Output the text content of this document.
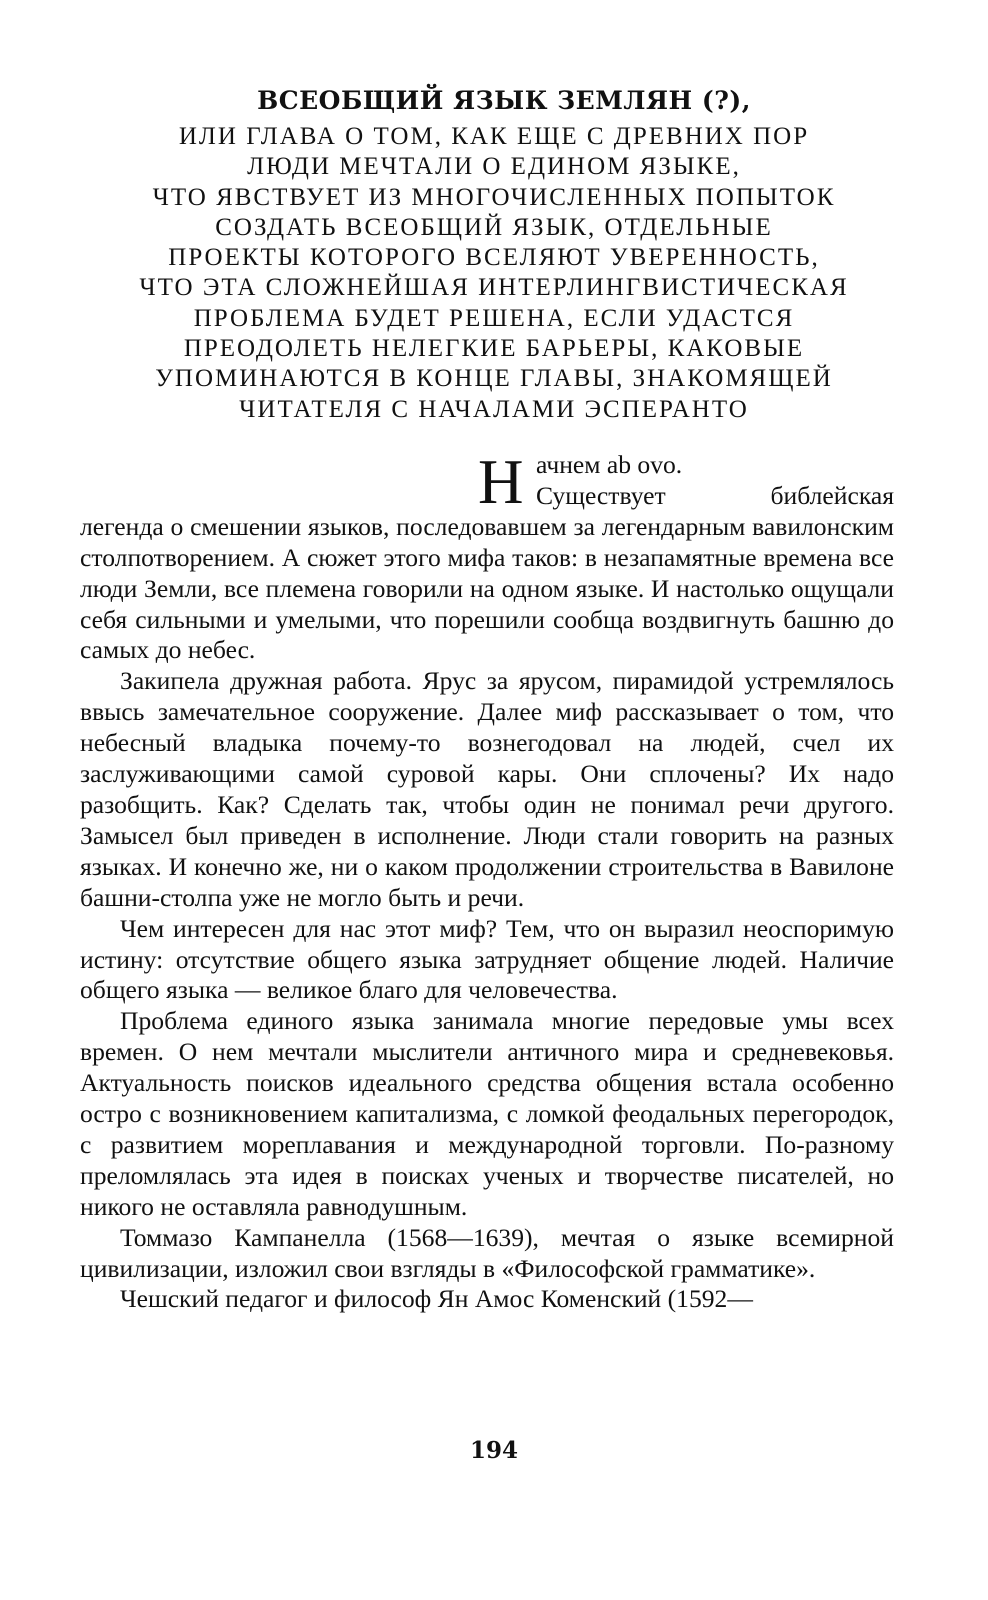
ВСЕОБЩИЙ ЯЗЫК ЗЕМЛЯН (?),
ИЛИ ГЛАВА О ТОМ, КАК ЕЩЕ С ДРЕВНИХ ПОР
ЛЮДИ МЕЧТАЛИ О ЕДИНОМ ЯЗЫКЕ,
ЧТО ЯВСТВУЕТ ИЗ МНОГОЧИСЛЕННЫХ ПОПЫТОК
СОЗДАТЬ ВСЕОБЩИЙ ЯЗЫК, ОТДЕЛЬНЫЕ
ПРОЕКТЫ КОТОРОГО ВСЕЛЯЮТ УВЕРЕННОСТЬ,
ЧТО ЭТА СЛОЖНЕЙШАЯ ИНТЕРЛИНГВИСТИЧЕСКАЯ
ПРОБЛЕМА БУДЕТ РЕШЕНА, ЕСЛИ УДАСТСЯ
ПРЕОДОЛЕТЬ НЕЛЕГКИЕ БАРЬЕРЫ, КАКОВЫЕ
УПОМИНАЮТСЯ В КОНЦЕ ГЛАВЫ, ЗНАКОМЯЩЕЙ
ЧИТАТЕЛЯ С НАЧАЛАМИ ЭСПЕРАНТО
Н ачнем ab ovo.

Существует библейская

легенда о смешении языков, последовавшем за легендарным вавилонским столпотворением. А сюжет этого мифа таков: в незапамятные времена все люди Земли, все племена говорили на одном языке. И настолько ощущали себя сильными и умелыми, что порешили сообща воздвигнуть башню до самых до небес.

Закипела дружная работа. Ярус за ярусом, пирамидой устремлялось ввысь замечательное сооружение. Далее миф рассказывает о том, что небесный владыка почему-то вознегодовал на людей, счел их заслуживающими самой суровой кары. Они сплочены? Их надо разобщить. Как? Сделать так, чтобы один не понимал речи другого. Замысел был приведен в исполнение. Люди стали говорить на разных языках. И конечно же, ни о каком продолжении строительства в Вавилоне башни-столпа уже не могло быть и речи.

Чем интересен для нас этот миф? Тем, что он выразил неоспоримую истину: отсутствие общего языка затрудняет общение людей. Наличие общего языка — великое благо для человечества.

Проблема единого языка занимала многие передовые умы всех времен. О нем мечтали мыслители античного мира и средневековья. Актуальность поисков идеального средства общения встала особенно остро с возникновением капитализма, с ломкой феодальных перегородок, с развитием мореплавания и международной торговли. По-разному преломлялась эта идея в поисках ученых и творчестве писателей, но никого не оставляла равнодушным.

Томмазо Кампанелла (1568—1639), мечтая о языке всемирной цивилизации, изложил свои взгляды в «Философской грамматике».

Чешский педагог и философ Ян Амос Коменский (1592—

194
